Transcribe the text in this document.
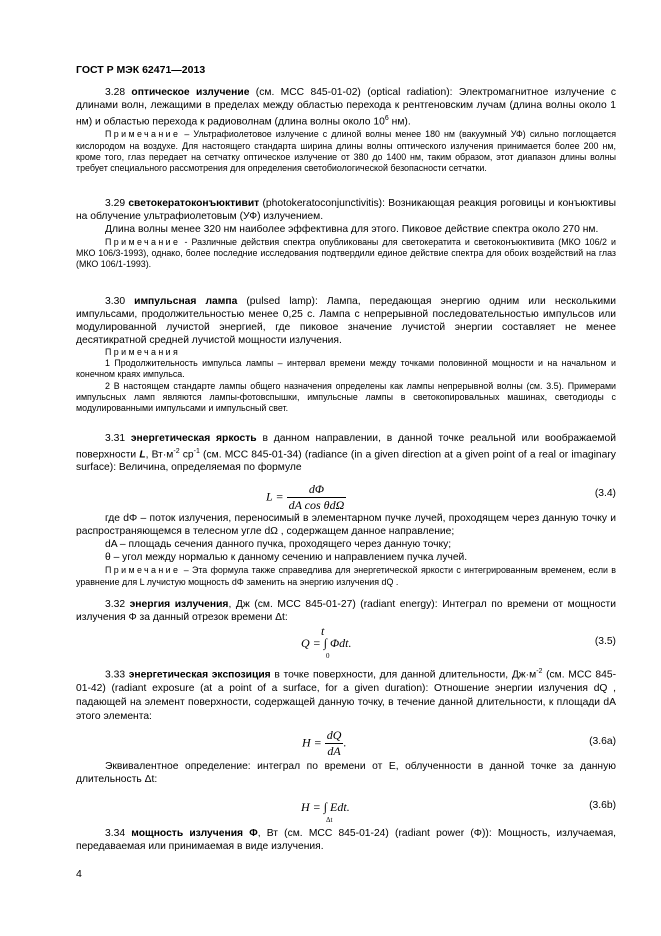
ГОСТ Р МЭК 62471—2013

3.28 оптическое излучение (см. МСС 845-01-02) (optical radiation): Электромагнитное излучение с длинами волн, лежащими в пределах между областью перехода к рентгеновским лучам (длина волны около 1 нм) и областью перехода к радиоволнам (длина волны около $10^6$ нм).

Примечание – Ультрафиолетовое излучение с длиной волны менее 180 нм (вакуумный УФ) сильно поглощается кислородом на воздухе. Для настоящего стандарта ширина длины волны оптического излучения принимается более 200 нм, кроме того, глаз передает на сетчатку оптическое излучение от 380 до 1400 нм, таким образом, этот диапазон длины волны требует специального рассмотрения для определения светобиологической безопасности сетчатки.

3.29 светокератоконъюктивит (photokeratoconjunctivitis): Возникающая реакция роговицы и конъюктивы на облучение ультрафиолетовым (УФ) излучением.

Длина волны менее 320 нм наиболее эффективна для этого. Пиковое действие спектра около 270 нм.

Примечание - Различные действия спектра опубликованы для светокератита и светоконъюктивита (МКО 106/2 и МКО 106/3-1993), однако, более последние исследования подтвердили единое действие спектра для обоих воздействий на глаз (МКО 106/1-1993).

3.30 импульсная лампа (pulsed lamp): Лампа, передающая энергию одним или несколькими импульсами, продолжительностью менее 0,25 с. Лампа с непрерывной последовательностью импульсов или модулированной лучистой энергией, где пиковое значение лучистой энергии составляет не менее десятикратной средней лучистой мощности излучения.

Примечания

1 Продолжительность импульса лампы – интервал времени между точками половинной мощности и на начальном и конечном краях импульса.

2 В настоящем стандарте лампы общего назначения определены как лампы непрерывной волны (см. 3.5). Примерами импульсных ламп являются лампы-фотовспышки, импульсные лампы в светокопировальных машинах, светодиоды с модулированными импульсами и импульсный свет.

3.31 энергетическая яркость в данном направлении, в данной точке реальной или воображаемой поверхности L, $Вт\cdot м^{-2}$ $ср^{-1}$ (см. МСС 845-01-34) (radiance (in a given direction at a given point of a real or imaginary surface): Величина, определяемая по формуле

$L = \frac{d\Phi}{\text{dA cos θdΩ}}$	(3.4)

где dΦ – поток излучения, переносимый в элементарном пучке лучей, проходящем через данную точку и распространяющемся в телесном угле dΩ , содержащем данное направление;

dA – площадь сечения данного пучка, проходящего через данную точку;

θ – угол между нормалью к данному сечению и направлением пучка лучей.

Примечание – Эта формула также справедлива для энергетической яркости с интегрированным временем, если в уравнение для L лучистую мощность dΦ заменить на энергию излучения dQ .

3.32 энергия излучения, Дж (см. МСС 845-01-27) (radiant energy): Интеграл по времени от мощности излучения Φ за данный отрезок времени Δt:

t
Q = ∫ Φdt.
0
(3.5)

3.33 энергетическая экспозиция в точке поверхности, для данной длительности, $Дж\cdot м^{-2}$ (см. МСС 845-01-42) (radiant exposure (at a point of a surface, for a given duration): Отношение энергии излучения dQ , падающей на элемент поверхности, содержащей данную точку, в течение данной длительности, к площади dA этого элемента:

$H = \frac{dQ}{dA}$ .	(3.6a)

Эквивалентное определение: интеграл по времени от E, облученности в данной точке за данную длительность Δt:

H = ∫ Edt.
Δt
(3.6b)

3.34 мощность излучения Φ, Вт (см. МСС 845-01-24) (radiant power (Φ)): Мощность, излучаемая, передаваемая или принимаемая в виде излучения.

4
